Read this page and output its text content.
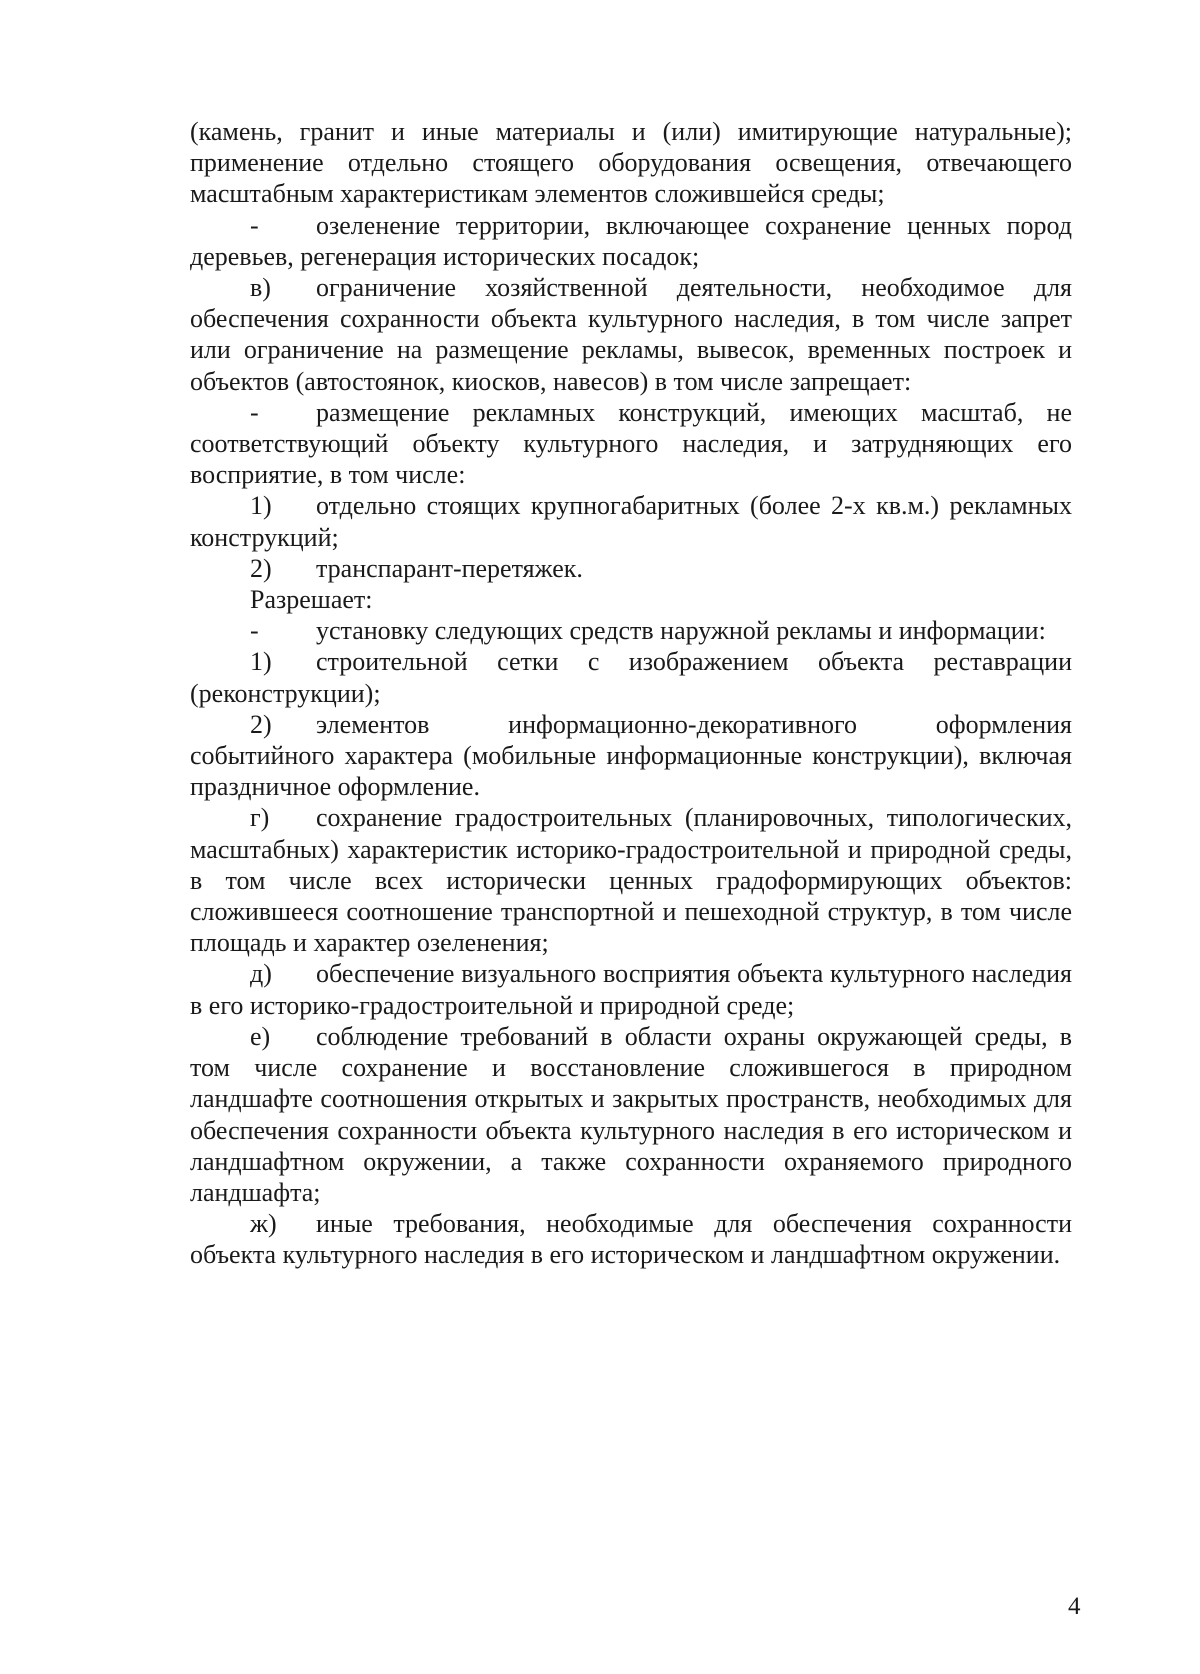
(камень, гранит и иные материалы и (или) имитирующие натуральные); применение отдельно стоящего оборудования освещения, отвечающего масштабным характеристикам элементов сложившейся среды;

- озеленение территории, включающее сохранение ценных пород деревьев, регенерация исторических посадок;

в) ограничение хозяйственной деятельности, необходимое для обеспечения сохранности объекта культурного наследия, в том числе запрет или ограничение на размещение рекламы, вывесок, временных построек и объектов (автостоянок, киосков, навесов) в том числе запрещает:

- размещение рекламных конструкций, имеющих масштаб, не соответствующий объекту культурного наследия, и затрудняющих его восприятие, в том числе:

1) отдельно стоящих крупногабаритных (более 2-х кв.м.) рекламных конструкций;

2) транспарант-перетяжек.

Разрешает:

- установку следующих средств наружной рекламы и информации:

1) строительной сетки с изображением объекта реставрации (реконструкции);

2) элементов информационно-декоративного оформления событийного характера (мобильные информационные конструкции), включая праздничное оформление.

г) сохранение градостроительных (планировочных, типологических, масштабных) характеристик историко-градостроительной и природной среды, в том числе всех исторически ценных градоформирующих объектов: сложившееся соотношение транспортной и пешеходной структур, в том числе площадь и характер озеленения;

д) обеспечение визуального восприятия объекта культурного наследия в его историко-градостроительной и природной среде;

е) соблюдение требований в области охраны окружающей среды, в том числе сохранение и восстановление сложившегося в природном ландшафте соотношения открытых и закрытых пространств, необходимых для обеспечения сохранности объекта культурного наследия в его историческом и ландшафтном окружении, а также сохранности охраняемого природного ландшафта;

ж) иные требования, необходимые для обеспечения сохранности объекта культурного наследия в его историческом и ландшафтном окружении.

4
